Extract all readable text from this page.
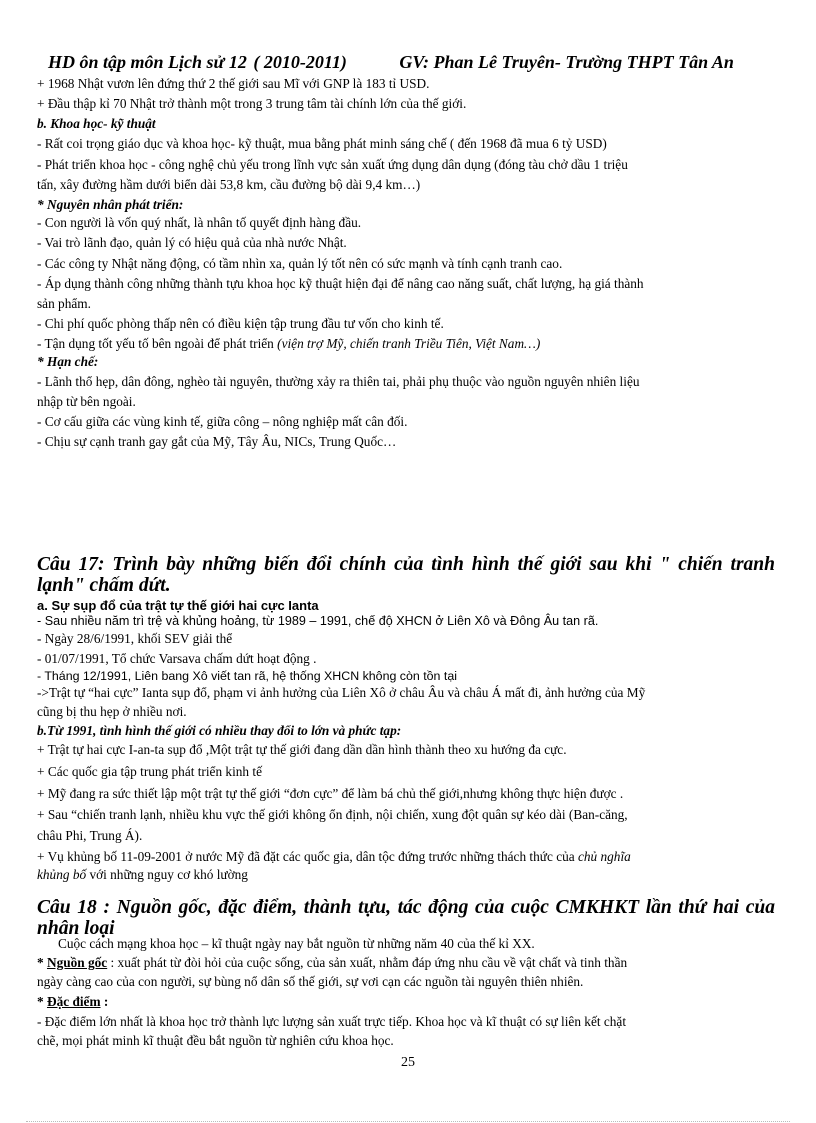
HD ôn tập môn Lịch sử 12 ( 2010-2011)	GV: Phan Lê Truyên- Trường THPT Tân An
+ 1968 Nhật vươn lên đứng thứ 2 thế giới sau Mĩ với GNP là 183 tỉ USD.
+ Đầu thập kỉ 70 Nhật trở thành một trong 3 trung tâm tài chính lớn của thế giới.
b. Khoa học- kỹ thuật
- Rất coi trọng giáo dục và khoa học- kỹ thuật, mua bằng phát minh sáng chế ( đến 1968 đã mua 6 tỷ USD)
- Phát triển khoa học - công nghệ chủ yếu trong lĩnh vực sản xuất ứng dụng dân dụng (đóng tàu chở dầu 1 triệu
tấn, xây đường hầm dưới biển dài 53,8 km, cầu đường bộ dài 9,4 km…)
* Nguyên nhân phát triển:
- Con người là vốn quý nhất, là nhân tố quyết định hàng đầu.
- Vai trò lãnh đạo, quản lý có hiệu quả của nhà nước Nhật.
- Các công ty Nhật năng động, có tầm nhìn xa, quản lý tốt nên có sức mạnh và tính cạnh tranh cao.
- Áp dụng thành công những thành tựu khoa học kỹ thuật hiện đại để nâng cao năng suất, chất lượng, hạ giá thành
sản phẩm.
- Chi phí quốc phòng thấp nên có điều kiện tập trung đầu tư vốn cho kinh tế.
- Tận dụng tốt yếu tố bên ngoài để phát triển (viện trợ Mỹ, chiến tranh Triều Tiên, Việt Nam…)
* Hạn chế:
- Lãnh thổ hẹp, dân đông, nghèo tài nguyên, thường xảy ra thiên tai, phải phụ thuộc vào nguồn nguyên nhiên liệu
nhập từ bên ngoài.
- Cơ cấu giữa các vùng kinh tế, giữa công – nông nghiệp mất cân đối.
- Chịu sự cạnh tranh gay gắt của Mỹ, Tây Âu, NICs, Trung Quốc…
Câu 17: Trình bày những biến đổi chính của tình hình thế giới sau khi " chiến tranh lạnh" chấm dứt.
a. Sự sụp đổ của trật tự thế giới hai cực Ianta
- Sau nhiều năm trì trệ và khủng hoảng, từ 1989 – 1991, chế độ XHCN ở Liên Xô và Đông Âu tan rã.
- Ngày 28/6/1991, khối SEV giải thể
- 01/07/1991, Tổ chức Varsava chấm dứt hoạt động .
- Tháng 12/1991, Liên bang Xô viết tan rã, hệ thống XHCN không còn tồn tại
->Trật tự “hai cực” Ianta sụp đổ, phạm vi ảnh hưởng của Liên Xô ở châu Âu và châu Á mất đi, ảnh hưởng của Mỹ
cũng bị thu hẹp ở nhiều nơi.
b.Từ 1991, tình hình thế giới có nhiều thay đổi to lớn và phức tạp:
+ Trật tự hai cực I-an-ta sụp đổ ,Một trật tự thế giới đang dần dần hình thành theo xu hướng đa cực.
+ Các quốc gia tập trung phát triển kinh tế
+ Mỹ đang ra sức thiết lập một trật tự thế giới “đơn cực” để làm bá chủ thế giới,nhưng không thực hiện được .
+ Sau “chiến tranh lạnh, nhiều khu vực thế giới không ổn định, nội chiến, xung đột quân sự kéo dài (Ban-căng,
châu Phi, Trung Á).
+ Vụ khủng bố 11-09-2001 ở nước Mỹ đã đặt các quốc gia, dân tộc đứng trước những thách thức của chủ nghĩa
khủng bố với những nguy cơ khó lường
Câu 18 : Nguồn gốc, đặc điểm, thành tựu, tác động của cuộc CMKHKT lần thứ hai của nhân loại
Cuộc cách mạng khoa học – kĩ thuật ngày nay bắt nguồn từ những năm 40 của thế kỉ XX.
* Nguồn gốc : xuất phát từ đòi hỏi của cuộc sống, của sản xuất, nhằm đáp ứng nhu cầu về vật chất và tinh thần
ngày càng cao của con người, sự bùng nổ dân số thế giới, sự vơi cạn các nguồn tài nguyên thiên nhiên.
* Đặc điểm :
- Đặc điểm lớn nhất là khoa học trở thành lực lượng sản xuất trực tiếp. Khoa học và kĩ thuật có sự liên kết chặt
chẽ, mọi phát minh kĩ thuật đều bắt nguồn từ nghiên cứu khoa học.
25
